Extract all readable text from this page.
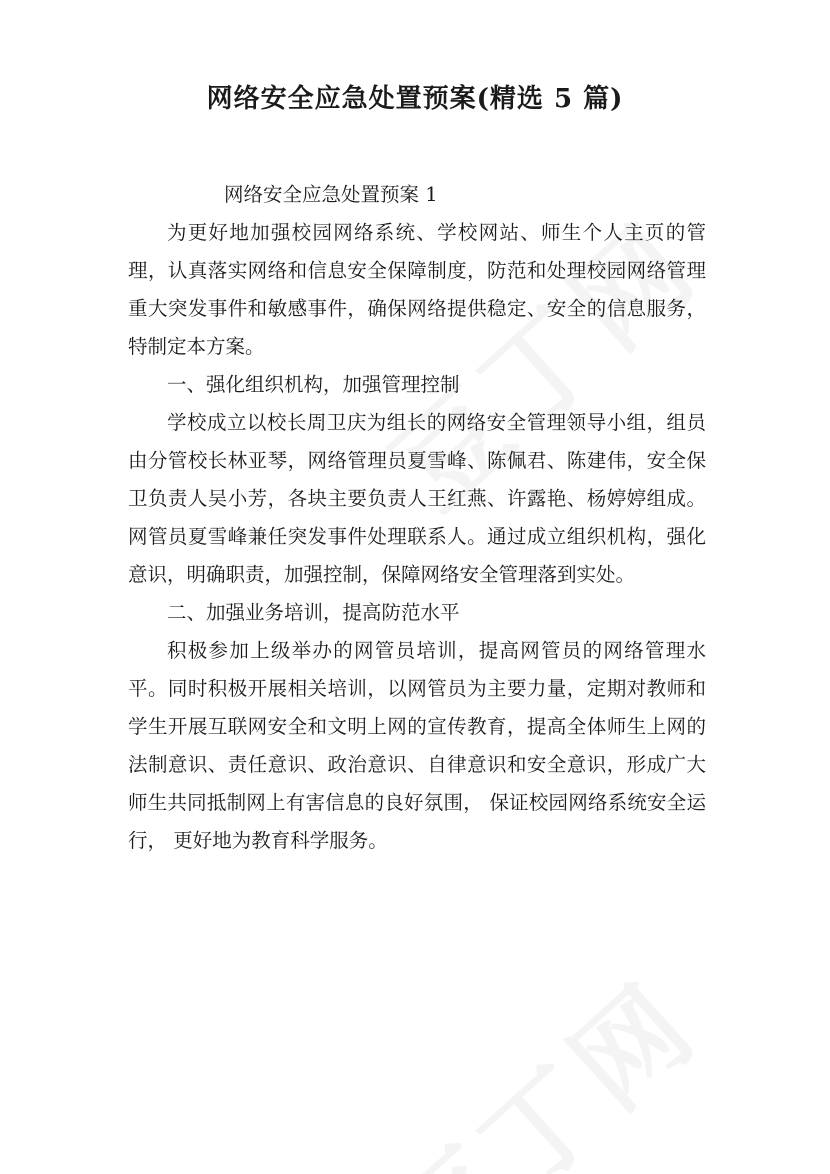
网络安全应急处置预案(精选 5 篇)

网络安全应急处置预案 1

为更好地加强校园网络系统、学校网站、师生个人主页的管理，认真落实网络和信息安全保障制度，防范和处理校园网络管理重大突发事件和敏感事件，确保网络提供稳定、安全的信息服务，特制定本方案。

一、强化组织机构，加强管理控制

学校成立以校长周卫庆为组长的网络安全管理领导小组，组员由分管校长林亚琴，网络管理员夏雪峰、陈佩君、陈建伟，安全保卫负责人吴小芳，各块主要负责人王红燕、许露艳、杨婷婷组成。网管员夏雪峰兼任突发事件处理联系人。通过成立组织机构，强化意识，明确职责，加强控制，保障网络安全管理落到实处。

二、加强业务培训，提高防范水平

积极参加上级举办的网管员培训，提高网管员的网络管理水平。同时积极开展相关培训，以网管员为主要力量，定期对教师和学生开展互联网安全和文明上网的宣传教育，提高全体师生上网的法制意识、责任意识、政治意识、自律意识和安全意识，形成广大师生共同抵制网上有害信息的良好氛围， 保证校园网络系统安全运行， 更好地为教育科学服务。
